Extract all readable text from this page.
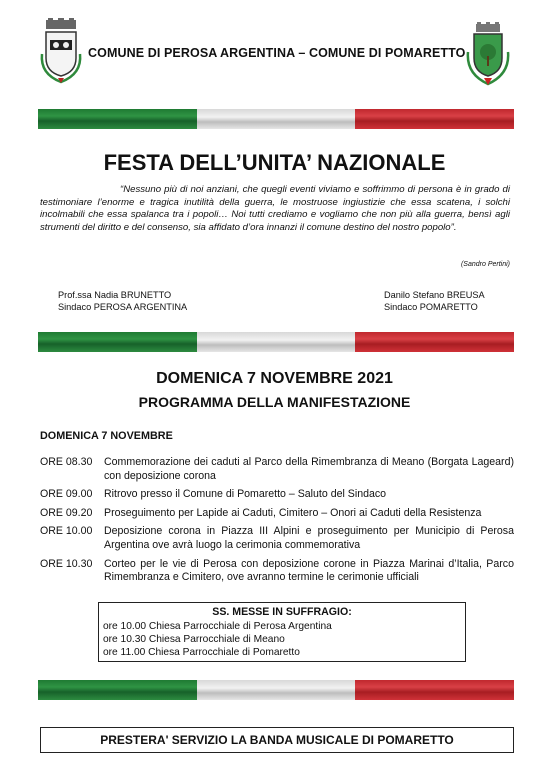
COMUNE DI PEROSA ARGENTINA – COMUNE DI POMARETTO
FESTA DELL’UNITA’ NAZIONALE

“Nessuno più di noi anziani, che quegli eventi viviamo e soffrimmo di persona è in grado di testimoniare l’enorme e tragica inutilità della guerra, le mostruose ingiustizie che essa scatena, i solchi incolmabili che essa spalanca tra i popoli… Noi tutti crediamo e vogliamo che non più alla guerra, bensì agli strumenti del diritto e del consenso, sia affidato d’ora innanzi il comune destino del nostro popolo”.

(Sandro Pertini)
Prof.ssa Nadia BRUNETTO
Sindaco PEROSA ARGENTINA
Danilo Stefano BREUSA
Sindaco POMARETTO
DOMENICA 7 NOVEMBRE 2021
PROGRAMMA DELLA MANIFESTAZIONE
DOMENICA 7 NOVEMBRE
ORE 08.30	Commemorazione dei caduti al Parco della Rimembranza di Meano (Borgata Lageard) con deposizione corona
ORE 09.00	Ritrovo presso il Comune di Pomaretto – Saluto del Sindaco
ORE 09.20	Proseguimento per Lapide ai Caduti, Cimitero – Onori ai Caduti della Resistenza
ORE 10.00	Deposizione corona in Piazza III Alpini e proseguimento per Municipio di Perosa Argentina ove avrà luogo la cerimonia commemorativa
ORE 10.30	Corteo per le vie di Perosa con deposizione corone in Piazza Marinai d’Italia, Parco Rimembranza e Cimitero, ove avranno termine le cerimonie ufficiali
SS. MESSE IN SUFFRAGIO:
ore 10.00 Chiesa Parrocchiale di Perosa Argentina
ore 10.30 Chiesa Parrocchiale di Meano
ore 11.00 Chiesa Parrocchiale di Pomaretto
PRESTERA' SERVIZIO LA BANDA MUSICALE DI POMARETTO
